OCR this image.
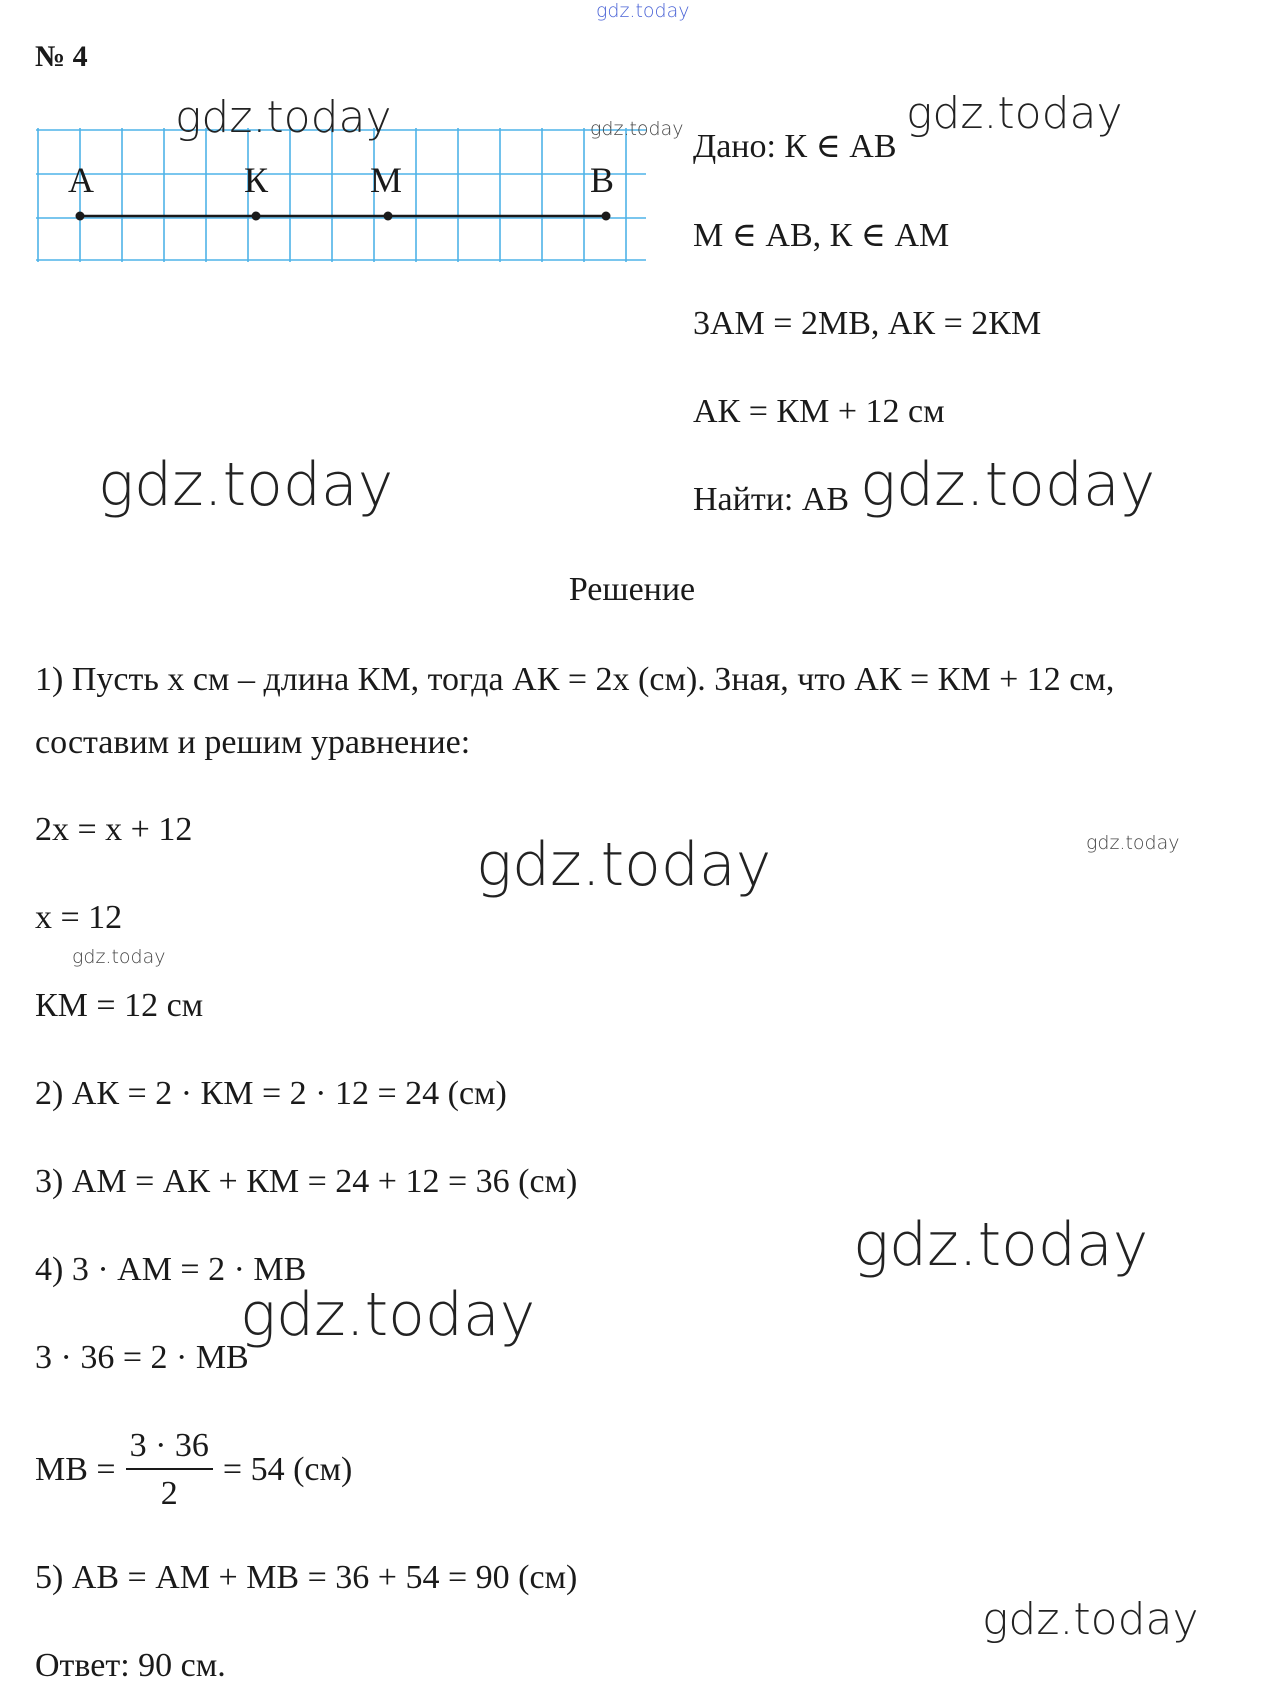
gdz.today
№ 4
A	К	M	B
Дано: К ∈ АВ
М ∈ АВ, К ∈ АМ
3АМ = 2МВ, АК = 2КМ
АК = КМ + 12 см
Найти: АВ
Решение
1) Пусть x см – длина КМ, тогда АК = 2x (см). Зная, что АК = КМ + 12 см,
составим и решим уравнение:
2x = x + 12
x = 12
КМ = 12 см
2) АК = 2 · КМ = 2 · 12 = 24 (см)
3) АМ = АК + КМ = 24 + 12 = 36 (см)
4) 3 · АМ = 2 · МВ
3 · 36 = 2 · МВ
МВ = $\frac{3 \cdot 36}{2} = 54$ (см)
5) АВ = АМ + МВ = 36 + 54 = 90 (см)
Ответ: 90 см.
gdz.today	gdz.today	gdz.today
gdz.today	gdz.today
gdz.today	gdz.today
gdz.today
gdz.today
gdz.today
gdz.today
